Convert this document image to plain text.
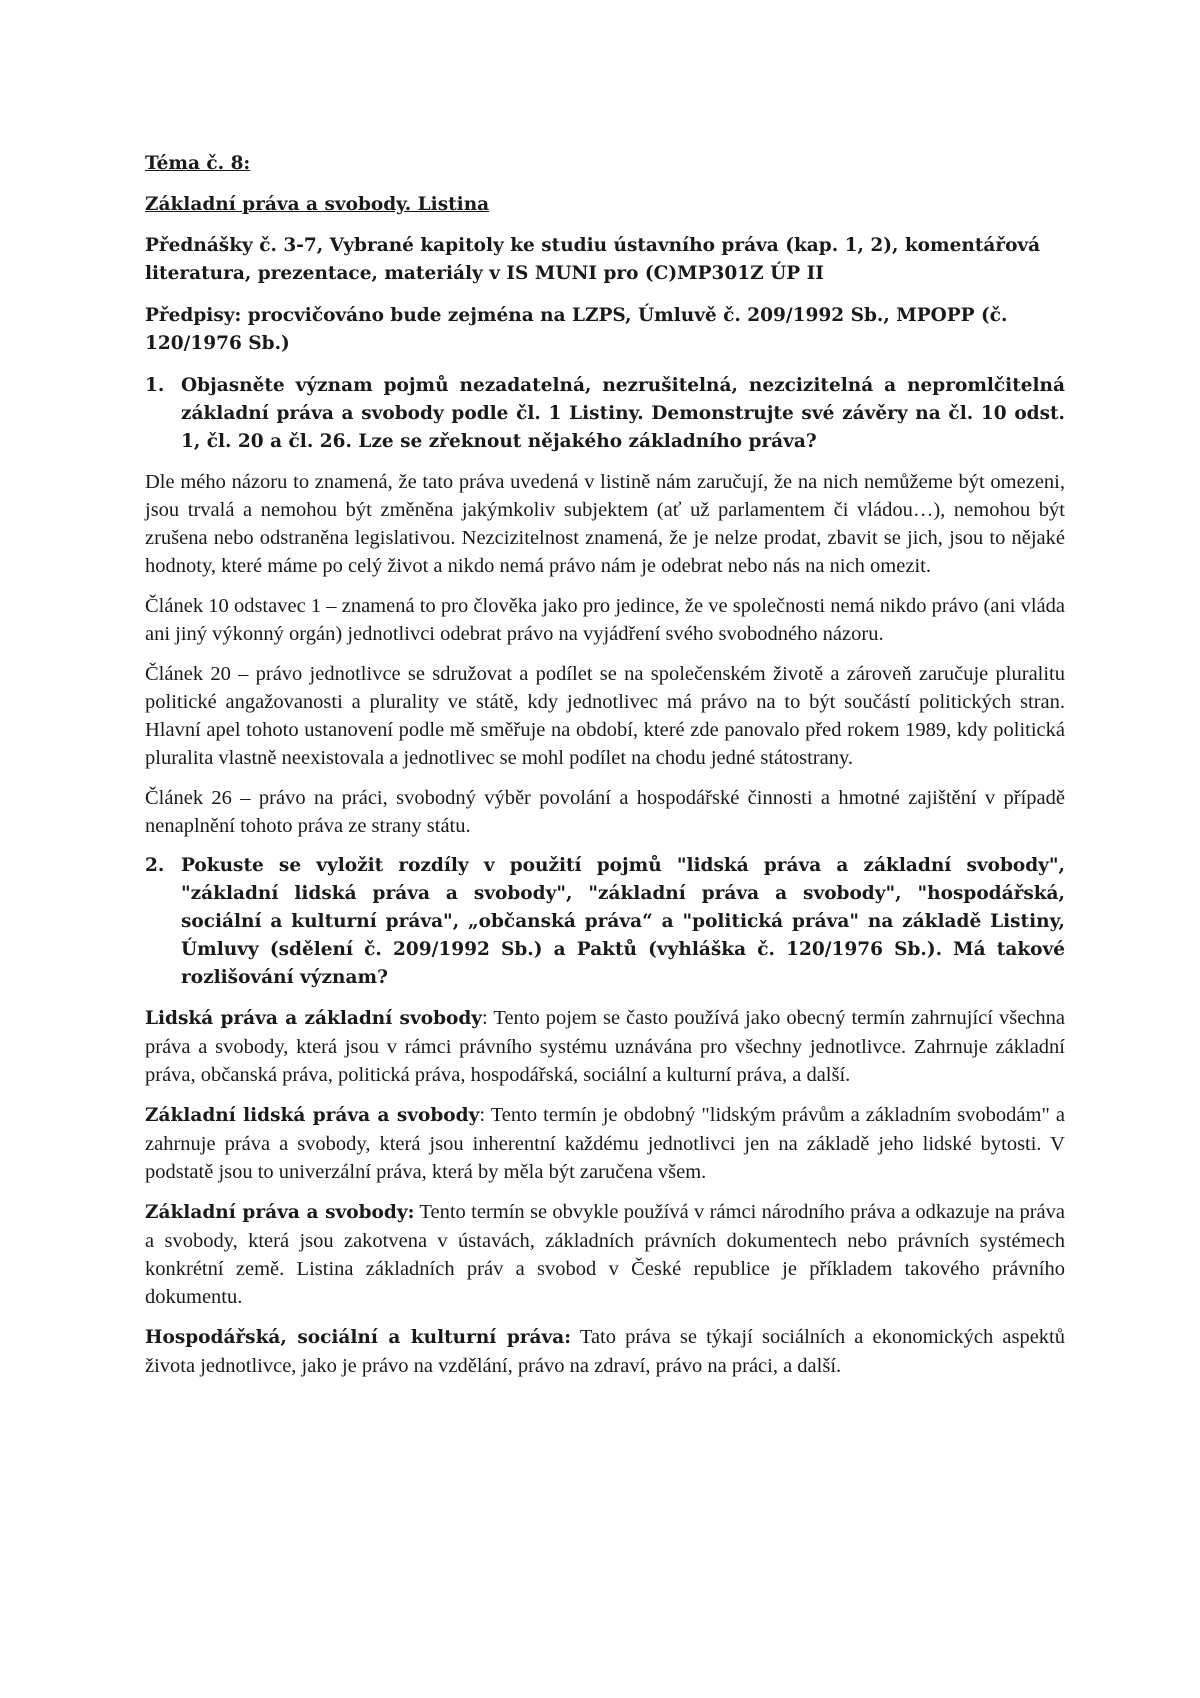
Téma č. 8:

Základní práva a svobody. Listina

Přednášky č. 3-7, Vybrané kapitoly ke studiu ústavního práva (kap. 1, 2), komentářová literatura, prezentace, materiály v IS MUNI pro (C)MP301Z ÚP II

Předpisy: procvičováno bude zejména na LZPS, Úmluvě č. 209/1992 Sb., MPOPP (č. 120/1976 Sb.)

1. Objasněte význam pojmů nezadatelná, nezrušitelná, nezcizitelná a nepromlčitelná základní práva a svobody podle čl. 1 Listiny. Demonstrujte své závěry na čl. 10 odst. 1, čl. 20 a čl. 26. Lze se zřeknout nějakého základního práva?

Dle mého názoru to znamená, že tato práva uvedená v listině nám zaručují, že na nich nemůžeme být omezeni, jsou trvalá a nemohou být změněna jakýmkoliv subjektem (ať už parlamentem či vládou…), nemohou být zrušena nebo odstraněna legislativou. Nezcizitelnost znamená, že je nelze prodat, zbavit se jich, jsou to nějaké hodnoty, které máme po celý život a nikdo nemá právo nám je odebrat nebo nás na nich omezit.

Článek 10 odstavec 1 – znamená to pro člověka jako pro jedince, že ve společnosti nemá nikdo právo (ani vláda ani jiný výkonný orgán) jednotlivci odebrat právo na vyjádření svého svobodného názoru.

Článek 20 – právo jednotlivce se sdružovat a podílet se na společenském životě a zároveň zaručuje pluralitu politické angažovanosti a plurality ve státě, kdy jednotlivec má právo na to být součástí politických stran. Hlavní apel tohoto ustanovení podle mě směřuje na období, které zde panovalo před rokem 1989, kdy politická pluralita vlastně neexistovala a jednotlivec se mohl podílet na chodu jedné státostrany.

Článek 26 – právo na práci, svobodný výběr povolání a hospodářské činnosti a hmotné zajištění v případě nenaplnění tohoto práva ze strany státu.

2. Pokuste se vyložit rozdíly v použití pojmů "lidská práva a základní svobody", "základní lidská práva a svobody", "základní práva a svobody", "hospodářská, sociální a kulturní práva", „občanská práva“ a "politická práva" na základě Listiny, Úmluvy (sdělení č. 209/1992 Sb.) a Paktů (vyhláška č. 120/1976 Sb.). Má takové rozlišování význam?

Lidská práva a základní svobody: Tento pojem se často používá jako obecný termín zahrnující všechna práva a svobody, která jsou v rámci právního systému uznávána pro všechny jednotlivce. Zahrnuje základní práva, občanská práva, politická práva, hospodářská, sociální a kulturní práva, a další.

Základní lidská práva a svobody: Tento termín je obdobný "lidským právům a základním svobodám" a zahrnuje práva a svobody, která jsou inherentní každému jednotlivci jen na základě jeho lidské bytosti. V podstatě jsou to univerzální práva, která by měla být zaručena všem.

Základní práva a svobody: Tento termín se obvykle používá v rámci národního práva a odkazuje na práva a svobody, která jsou zakotvena v ústavách, základních právních dokumentech nebo právních systémech konkrétní země. Listina základních práv a svobod v České republice je příkladem takového právního dokumentu.

Hospodářská, sociální a kulturní práva: Tato práva se týkají sociálních a ekonomických aspektů života jednotlivce, jako je právo na vzdělání, právo na zdraví, právo na práci, a další.
